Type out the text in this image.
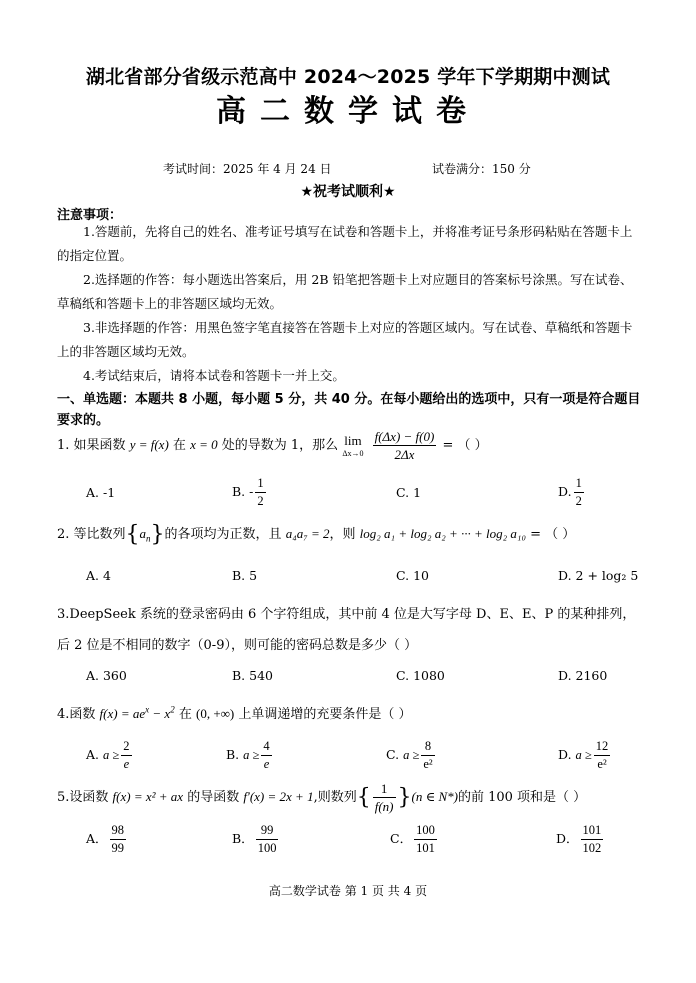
湖北省部分省级示范高中 2024～2025 学年下学期期中测试
高二数学试卷
考试时间：2025 年 4 月 24 日	试卷满分：150 分
★祝考试顺利★
注意事项：
1.答题前，先将自己的姓名、准考证号填写在试卷和答题卡上，并将准考证号条形码粘贴在答题卡上的指定位置。
2.选择题的作答：每小题选出答案后，用 2B 铅笔把答题卡上对应题目的答案标号涂黑。写在试卷、草稿纸和答题卡上的非答题区域均无效。
3.非选择题的作答：用黑色签字笔直接答在答题卡上对应的答题区域内。写在试卷、草稿纸和答题卡上的非答题区域均无效。
4.考试结束后，请将本试卷和答题卡一并上交。
一、单选题：本题共 8 小题，每小题 5 分，共 40 分。在每小题给出的选项中，只有一项是符合题目要求的。
1. 如果函数 y = f(x) 在 x = 0 处的导数为 1，那么 lim
Δx→0
$\frac{f(\Delta x) - f(0)}{2\Delta x}$ = （ ）
A. -1	B. - $\frac{1}{2}$	C. 1	D. $\frac{1}{2}$
2. 等比数列$\{a_n\}$的各项均为正数，且 a₄a₇ = 2，则 log₂ a₁ + log₂ a₂ + ··· + log₂ a₁₀ = （ ）
A. 4	B. 5	C. 10	D. 2 + log₂ 5
3.DeepSeek 系统的登录密码由 6 个字符组成，其中前 4 位是大写字母 D、E、E、P 的某种排列，
后 2 位是不相同的数字（0-9），则可能的密码总数是多少（ ）
A. 360	B. 540	C. 1080	D. 2160
4.函数 $f(x) = ae^x - x^2$ 在 (0, +∞) 上单调递增的充要条件是（ ）
A. $a \ge \frac{2}{e}$	B. $a \ge \frac{4}{e}$	C. $a \ge \frac{8}{\text{e²}}$	D. $a \ge \frac{12}{\text{e²}}$
5.设函数 f(x) = x² + ax 的导函数 f′(x) = 2x + 1,则数列{ $\frac{1}{f(n)} \}(n$ ∈ N*)的前 100 项和是（ ）
A． $\frac{98}{99}$	B． $\frac{99}{100}$	C． $\frac{100}{101}$	D． $\frac{101}{102}$
高二数学试卷 第 1 页 共 4 页
